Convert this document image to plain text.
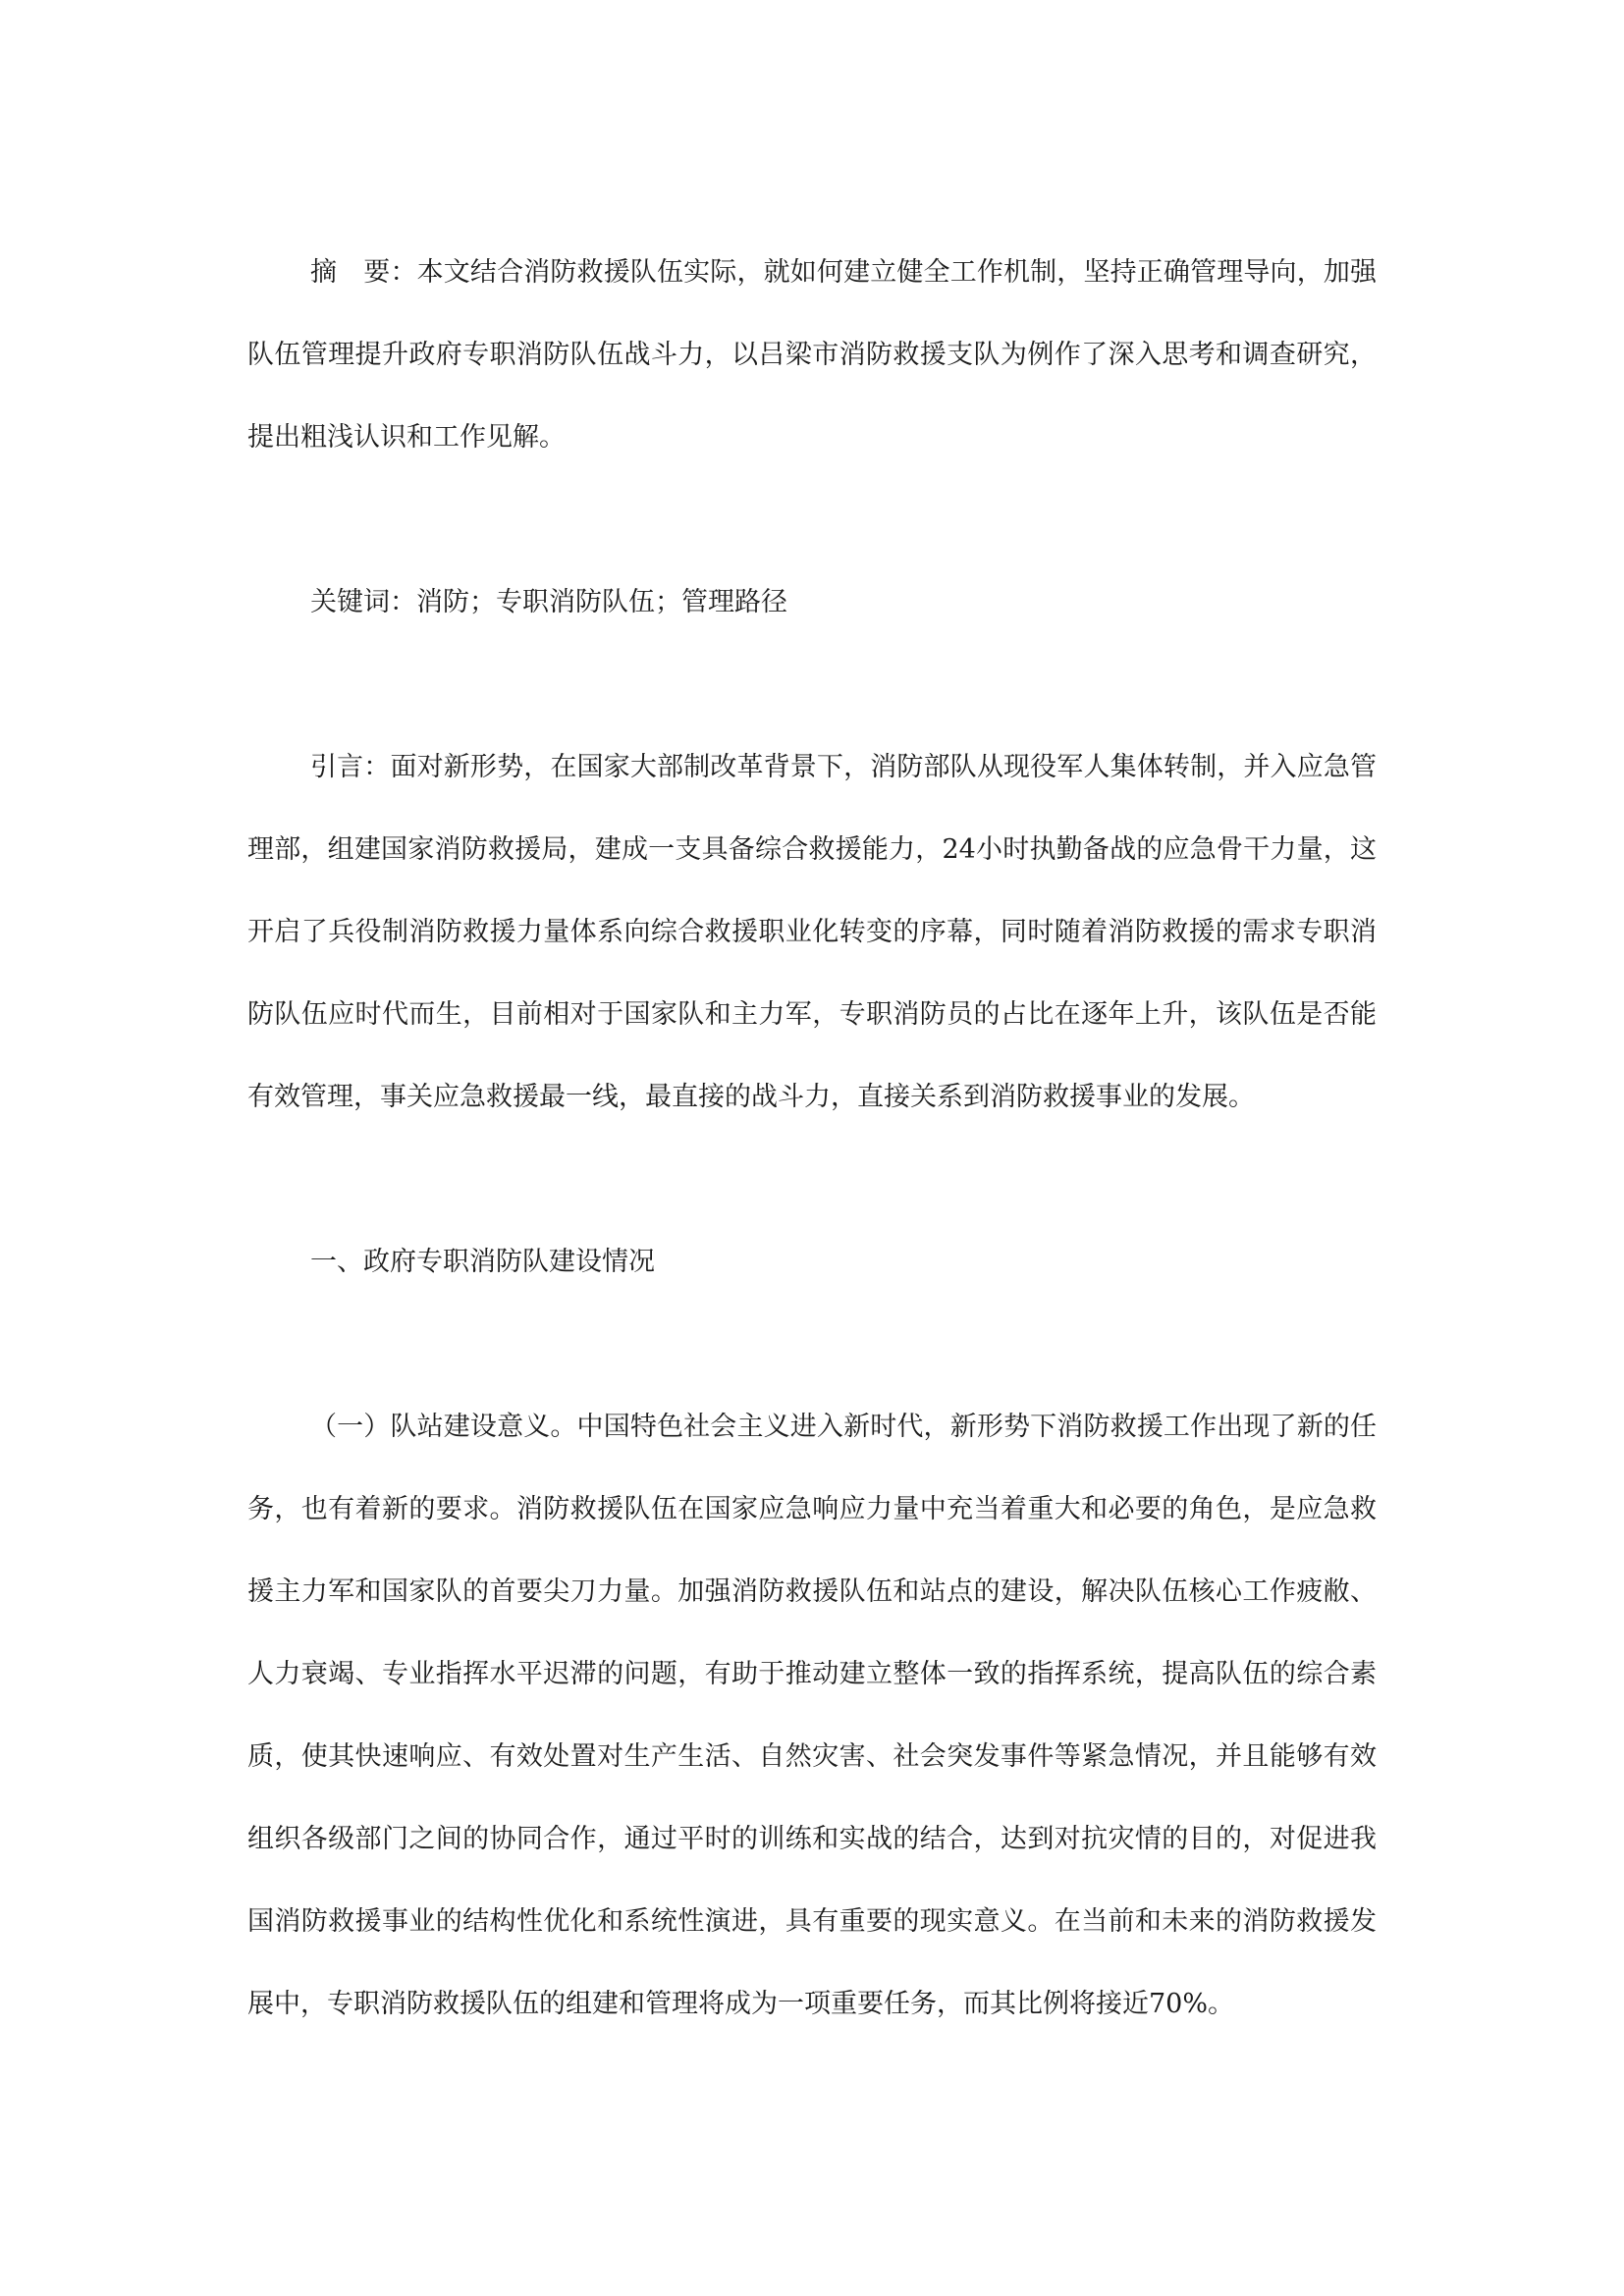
摘　要：本文结合消防救援队伍实际，就如何建立健全工作机制，坚持正确管理导向，加强队伍管理提升政府专职消防队伍战斗力，以吕梁市消防救援支队为例作了深入思考和调查研究，提出粗浅认识和工作见解。

关键词：消防；专职消防队伍；管理路径

引言：面对新形势，在国家大部制改革背景下，消防部队从现役军人集体转制，并入应急管理部，组建国家消防救援局，建成一支具备综合救援能力，24小时执勤备战的应急骨干力量，这开启了兵役制消防救援力量体系向综合救援职业化转变的序幕，同时随着消防救援的需求专职消防队伍应时代而生，目前相对于国家队和主力军，专职消防员的占比在逐年上升，该队伍是否能有效管理，事关应急救援最一线，最直接的战斗力，直接关系到消防救援事业的发展。

一、政府专职消防队建设情况

（一）队站建设意义。中国特色社会主义进入新时代，新形势下消防救援工作出现了新的任务，也有着新的要求。消防救援队伍在国家应急响应力量中充当着重大和必要的角色，是应急救援主力军和国家队的首要尖刀力量。加强消防救援队伍和站点的建设，解决队伍核心工作疲敝、人力衰竭、专业指挥水平迟滞的问题，有助于推动建立整体一致的指挥系统，提高队伍的综合素质，使其快速响应、有效处置对生产生活、自然灾害、社会突发事件等紧急情况，并且能够有效组织各级部门之间的协同合作，通过平时的训练和实战的结合，达到对抗灾情的目的，对促进我国消防救援事业的结构性优化和系统性演进，具有重要的现实意义。在当前和未来的消防救援发展中，专职消防救援队伍的组建和管理将成为一项重要任务，而其比例将接近70%。
